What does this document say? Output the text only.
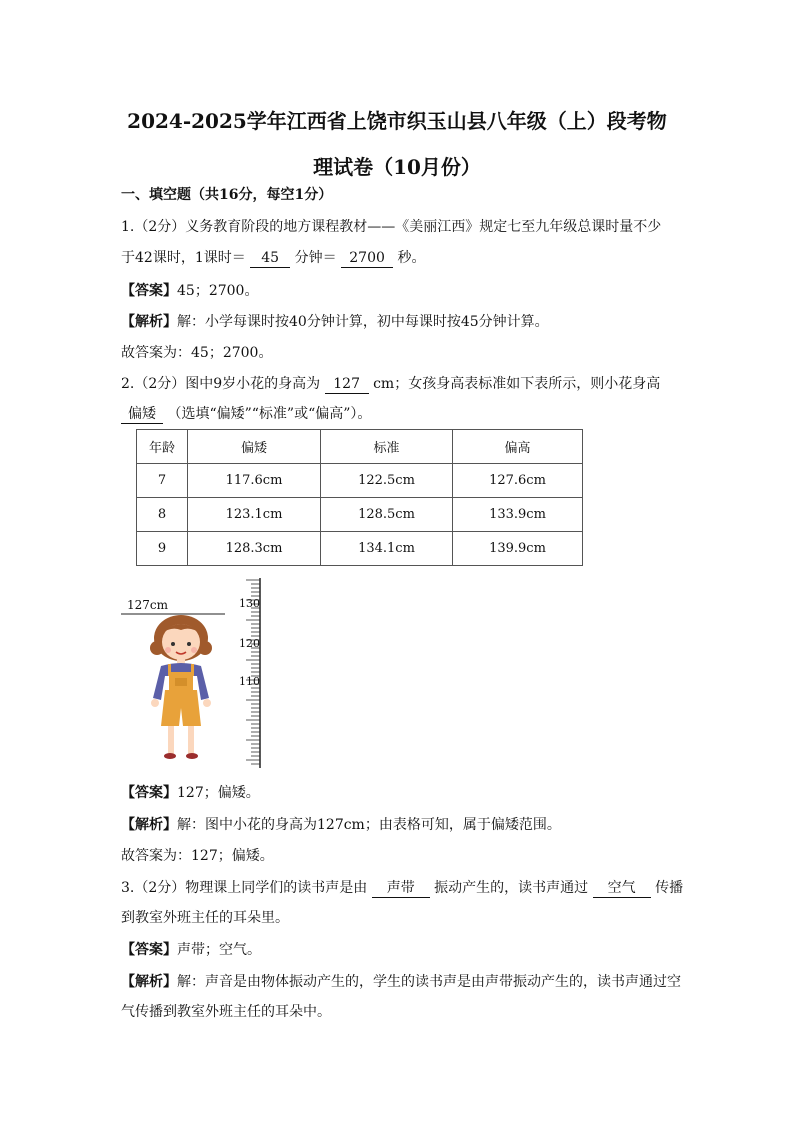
2024-2025学年江西省上饶市织玉山县八年级（上）段考物
理试卷（10月份）
一、填空题（共16分，每空1分）
1.（2分）义务教育阶段的地方课程教材——《美丽江西》规定七至九年级总课时量不少
于42课时，1课时＝ 45 分钟＝ 2700 秒。
【答案】45；2700。
【解析】解：小学每课时按40分钟计算，初中每课时按45分钟计算。
故答案为：45；2700。
2.（2分）图中9岁小花的身高为 127 cm；女孩身高表标准如下表所示，则小花身高
偏矮 （选填“偏矮”“标准”或“偏高”）。
年龄	偏矮	标准	偏高
7	117.6cm	122.5cm	127.6cm
8	123.1cm	128.5cm	133.9cm
9	128.3cm	134.1cm	139.9cm
127cm	130
120
110
【答案】127；偏矮。
【解析】解：图中小花的身高为127cm；由表格可知，属于偏矮范围。
故答案为：127；偏矮。
3.（2分）物理课上同学们的读书声是由 声带 振动产生的，读书声通过 空气 传播
到教室外班主任的耳朵里。
【答案】声带；空气。
【解析】解：声音是由物体振动产生的，学生的读书声是由声带振动产生的，读书声通过空
气传播到教室外班主任的耳朵中。
